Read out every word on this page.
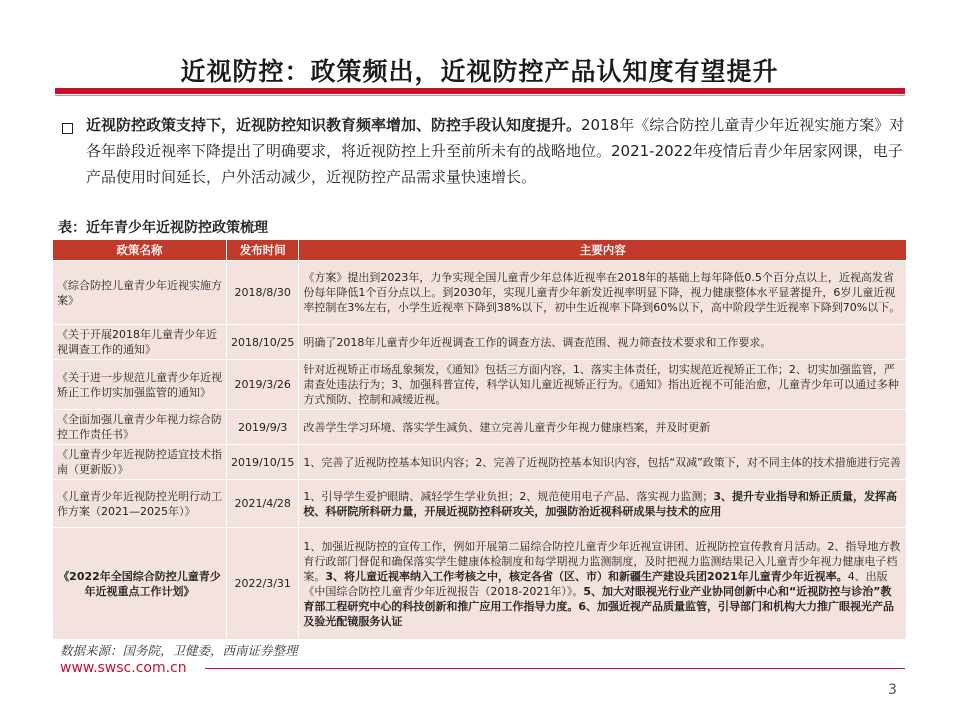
近视防控：政策频出，近视防控产品认知度有望提升
近视防控政策支持下，近视防控知识教育频率增加、防控手段认知度提升。2018年《综合防控儿童青少年近视实施方案》对各年龄段近视率下降提出了明确要求，将近视防控上升至前所未有的战略地位。2021-2022年疫情后青少年居家网课，电子产品使用时间延长，户外活动减少，近视防控产品需求量快速增长。
表：近年青少年近视防控政策梳理
政策名称	发布时间	主要内容
《综合防控儿童青少年近视实施方案》	2018/8/30	《方案》提出到2023年，力争实现全国儿童青少年总体近视率在2018年的基础上每年降低0.5个百分点以上，近视高发省份每年降低1个百分点以上。到2030年，实现儿童青少年新发近视率明显下降，视力健康整体水平显著提升，6岁儿童近视率控制在3%左右，小学生近视率下降到38%以下，初中生近视率下降到60%以下，高中阶段学生近视率下降到70%以下。
《关于开展2018年儿童青少年近视调查工作的通知》	2018/10/25	明确了2018年儿童青少年近视调查工作的调查方法、调查范围、视力筛查技术要求和工作要求。
《关于进一步规范儿童青少年近视矫正工作切实加强监管的通知》	2019/3/26	针对近视矫正市场乱象频发，《通知》包括三方面内容，1、落实主体责任，切实规范近视矫正工作；2、切实加强监管，严肃查处违法行为；3、加强科普宣传，科学认知儿童近视矫正行为。《通知》指出近视不可能治愈，儿童青少年可以通过多种方式预防、控制和减缓近视。
《全面加强儿童青少年视力综合防控工作责任书》	2019/9/3	改善学生学习环境、落实学生减负、建立完善儿童青少年视力健康档案，并及时更新
《儿童青少年近视防控适宜技术指南（更新版）》	2019/10/15	1、完善了近视防控基本知识内容；2、完善了近视防控基本知识内容，包括“双减”政策下，对不同主体的技术措施进行完善
《儿童青少年近视防控光明行动工作方案（2021—2025年）》	2021/4/28	1、引导学生爱护眼睛、减轻学生学业负担；2、规范使用电子产品、落实视力监测；3、提升专业指导和矫正质量，发挥高校、科研院所科研力量，开展近视防控科研攻关，加强防治近视科研成果与技术的应用
《2022年全国综合防控儿童青少年近视重点工作计划》	2022/3/31	1、加强近视防控的宣传工作，例如开展第二届综合防控儿童青少年近视宣讲团、近视防控宣传教育月活动。2、指导地方教育行政部门督促和确保落实学生健康体检制度和每学期视力监测制度，及时把视力监测结果记入儿童青少年视力健康电子档案。3、将儿童近视率纳入工作考核之中，核定各省（区、市）和新疆生产建设兵团2021年儿童青少年近视率。4、出版《中国综合防控儿童青少年近视报告（2018-2021年）》。5、加大对眼视光行业产业协同创新中心和“近视防控与诊治”教育部工程研究中心的科技创新和推广应用工作指导力度。6、加强近视产品质量监管，引导部门和机构大力推广眼视光产品及验光配镜服务认证
数据来源：国务院，卫健委，西南证券整理
www.swsc.com.cn
3
